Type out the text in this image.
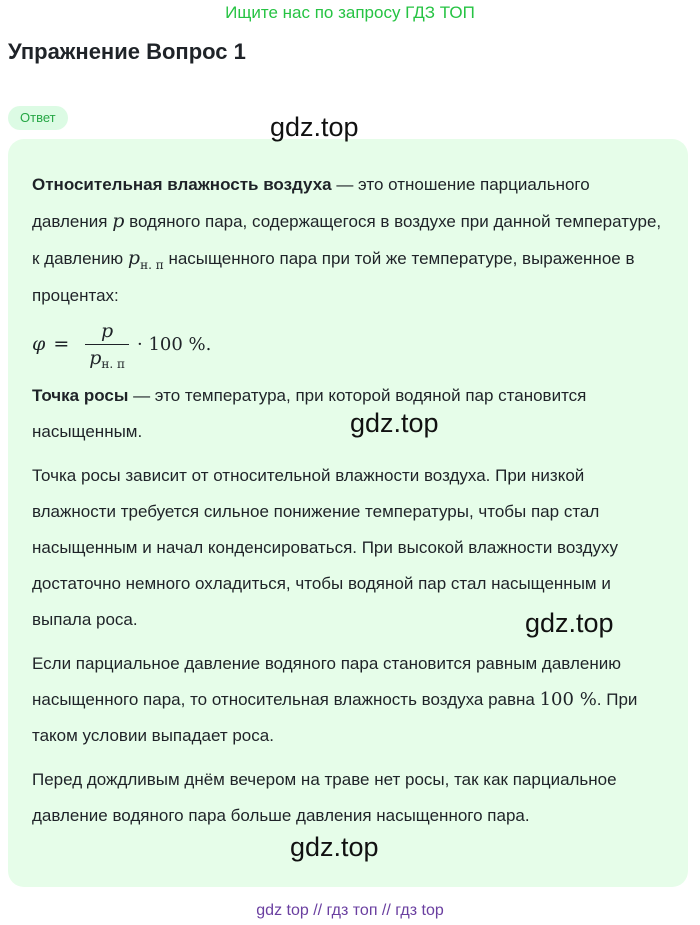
Ищите нас по запросу ГДЗ ТОП
Упражнение Вопрос 1
Ответ

Относительная влажность воздуха — это отношение парциального давления p водяного пара, содержащегося в воздухе при данной температуре, к давлению $p_{н. п}$ насыщенного пара при той же температуре, выраженное в процентах:

$\varphi = \frac{p}{p_{н. п}} \cdot 100$ %.

Точка росы — это температура, при которой водяной пар становится насыщенным.

Точка росы зависит от относительной влажности воздуха. При низкой влажности требуется сильное понижение температуры, чтобы пар стал насыщенным и начал конденсироваться. При высокой влажности воздуху достаточно немного охладиться, чтобы водяной пар стал насыщенным и выпала роса.

Если парциальное давление водяного пара становится равным давлению насыщенного пара, то относительная влажность воздуха равна 100 %. При таком условии выпадает роса.

Перед дождливым днём вечером на траве нет росы, так как парциальное давление водяного пара больше давления насыщенного пара.

gdz.top
gdz.top
gdz.top
gdz.top
gdz top // гдз топ // гдз top
